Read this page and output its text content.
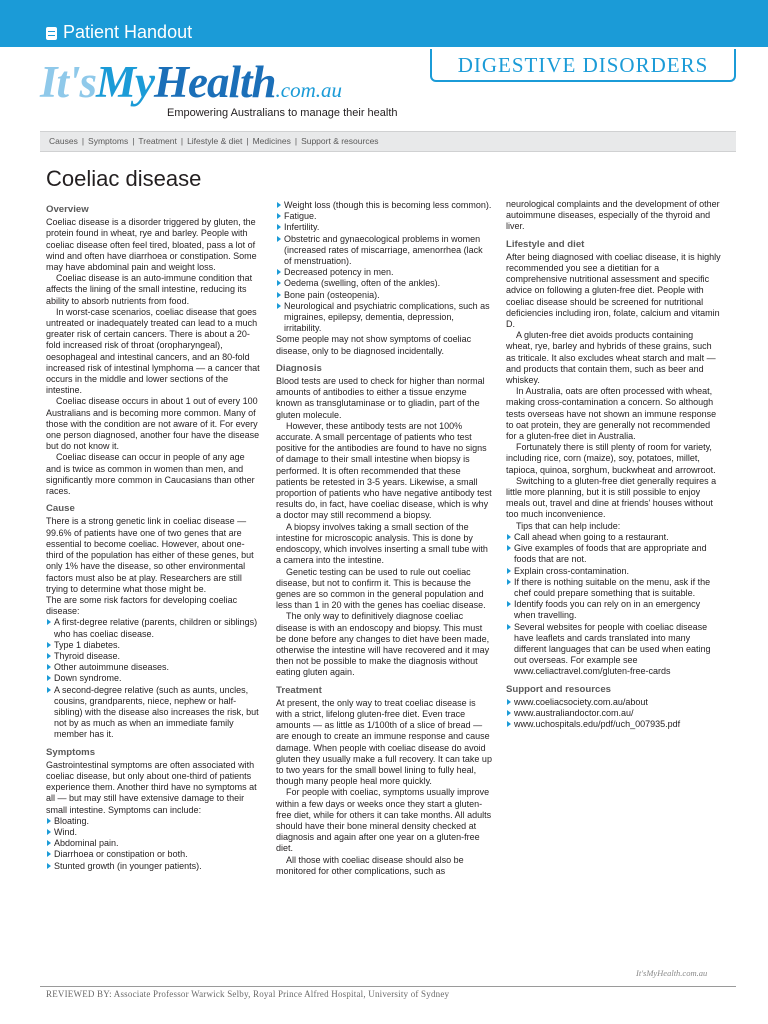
Patient Handout
It'sMyHealth.com.au
Empowering Australians to manage their health
DIGESTIVE DISORDERS
Causes | Symptoms | Treatment | Lifestyle & diet | Medicines | Support & resources
Coeliac disease
Overview

Coeliac disease is a disorder triggered by gluten, the protein found in wheat, rye and barley. People with coeliac disease often feel tired, bloated, pass a lot of wind and often have diarrhoea or constipation. Some may have abdominal pain and weight loss.

Coeliac disease is an auto-immune condition that affects the lining of the small intestine, reducing its ability to absorb nutrients from food.

In worst-case scenarios, coeliac disease that goes untreated or inadequately treated can lead to a much greater risk of certain cancers. There is about a 20-fold increased risk of throat (oropharyngeal), oesophageal and intestinal cancers, and an 80-fold increased risk of intestinal lymphoma — a cancer that occurs in the middle and lower sections of the intestine.

Coeliac disease occurs in about 1 out of every 100 Australians and is becoming more common. Many of those with the condition are not aware of it. For every one person diagnosed, another four have the disease but do not know it.

Coeliac disease can occur in people of any age and is twice as common in women than men, and significantly more common in Caucasians than other races.

Cause

There is a strong genetic link in coeliac disease — 99.6% of patients have one of two genes that are essential to become coeliac. However, about one-third of the population has either of these genes, but only 1% have the disease, so other environmental factors must also be at play. Researchers are still trying to determine what those might be.

The are some risk factors for developing coeliac disease:

A first-degree relative (parents, children or siblings) who has coeliac disease.
Type 1 diabetes.
Thyroid disease.
Other autoimmune diseases.
Down syndrome.
A second-degree relative (such as aunts, uncles, cousins, grandparents, niece, nephew or half-sibling) with the disease also increases the risk, but not by as much as when an immediate family member has it.
Symptoms

Gastrointestinal symptoms are often associated with coeliac disease, but only about one-third of patients experience them. Another third have no symptoms at all — but may still have extensive damage to their small intestine. Symptoms can include:

Bloating.
Wind.
Abdominal pain.
Diarrhoea or constipation or both.
Stunted growth (in younger patients).
Weight loss (though this is becoming less common).
Fatigue.
Infertility.
Obstetric and gynaecological problems in women (increased rates of miscarriage, amenorrhea (lack of menstruation).
Decreased potency in men.
Oedema (swelling, often of the ankles).
Bone pain (osteopenia).
Neurological and psychiatric complications, such as migraines, epilepsy, dementia, depression, irritability.

Some people may not show symptoms of coeliac disease, only to be diagnosed incidentally.

Diagnosis

Blood tests are used to check for higher than normal amounts of antibodies to either a tissue enzyme known as transglutaminase or to gliadin, part of the gluten molecule.

However, these antibody tests are not 100% accurate. A small percentage of patients who test positive for the antibodies are found to have no signs of damage to their small intestine when biopsy is performed. It is often recommended that these patients be retested in 3-5 years. Likewise, a small proportion of patients who have negative antibody test results do, in fact, have coeliac disease, which is why a doctor may still recommend a biopsy.

A biopsy involves taking a small section of the intestine for microscopic analysis. This is done by endoscopy, which involves inserting a small tube with a camera into the intestine.

Genetic testing can be used to rule out coeliac disease, but not to confirm it. This is because the genes are so common in the general population and less than 1 in 20 with the genes has coeliac disease.

The only way to definitively diagnose coeliac disease is with an endoscopy and biopsy. This must be done before any changes to diet have been made, otherwise the intestine will have recovered and it may then not be possible to make the diagnosis without eating gluten again.

Treatment

At present, the only way to treat coeliac disease is with a strict, lifelong gluten-free diet. Even trace amounts — as little as 1/100th of a slice of bread — are enough to create an immune response and cause damage. When people with coeliac disease do avoid gluten they usually make a full recovery. It can take up to two years for the small bowel lining to fully heal, though many people heal more quickly.

For people with coeliac, symptoms usually improve within a few days or weeks once they start a gluten-free diet, while for others it can take months. All adults should have their bone mineral density checked at diagnosis and again after one year on a gluten-free diet.

All those with coeliac disease should also be monitored for other complications, such as

neurological complaints and the development of other autoimmune diseases, especially of the thyroid and liver.

Lifestyle and diet

After being diagnosed with coeliac disease, it is highly recommended you see a dietitian for a comprehensive nutritional assessment and specific advice on following a gluten-free diet. People with coeliac disease should be screened for nutritional deficiencies including iron, folate, calcium and vitamin D.

A gluten-free diet avoids products containing wheat, rye, barley and hybrids of these grains, such as triticale. It also excludes wheat starch and malt — and products that contain them, such as beer and whiskey.

In Australia, oats are often processed with wheat, making cross-contamination a concern. So although tests overseas have not shown an immune response to oat protein, they are generally not recommended for a gluten-free diet in Australia.

Fortunately there is still plenty of room for variety, including rice, corn (maize), soy, potatoes, millet, tapioca, quinoa, sorghum, buckwheat and arrowroot.

Switching to a gluten-free diet generally requires a little more planning, but it is still possible to enjoy meals out, travel and dine at friends' houses without too much inconvenience.

Tips that can help include:

Call ahead when going to a restaurant.
Give examples of foods that are appropriate and foods that are not.
Explain cross-contamination.
If there is nothing suitable on the menu, ask if the chef could prepare something that is suitable.
Identify foods you can rely on in an emergency when travelling.
Several websites for people with coeliac disease have leaflets and cards translated into many different languages that can be used when eating out overseas. For example see www.celiactravel.com/gluten-free-cards
Support and resources
www.coeliacsociety.com.au/about
www.australiandoctor.com.au/
www.uchospitals.edu/pdf/uch_007935.pdf
It'sMyHealth.com.au
REVIEWED BY: Associate Professor Warwick Selby, Royal Prince Alfred Hospital, University of Sydney
